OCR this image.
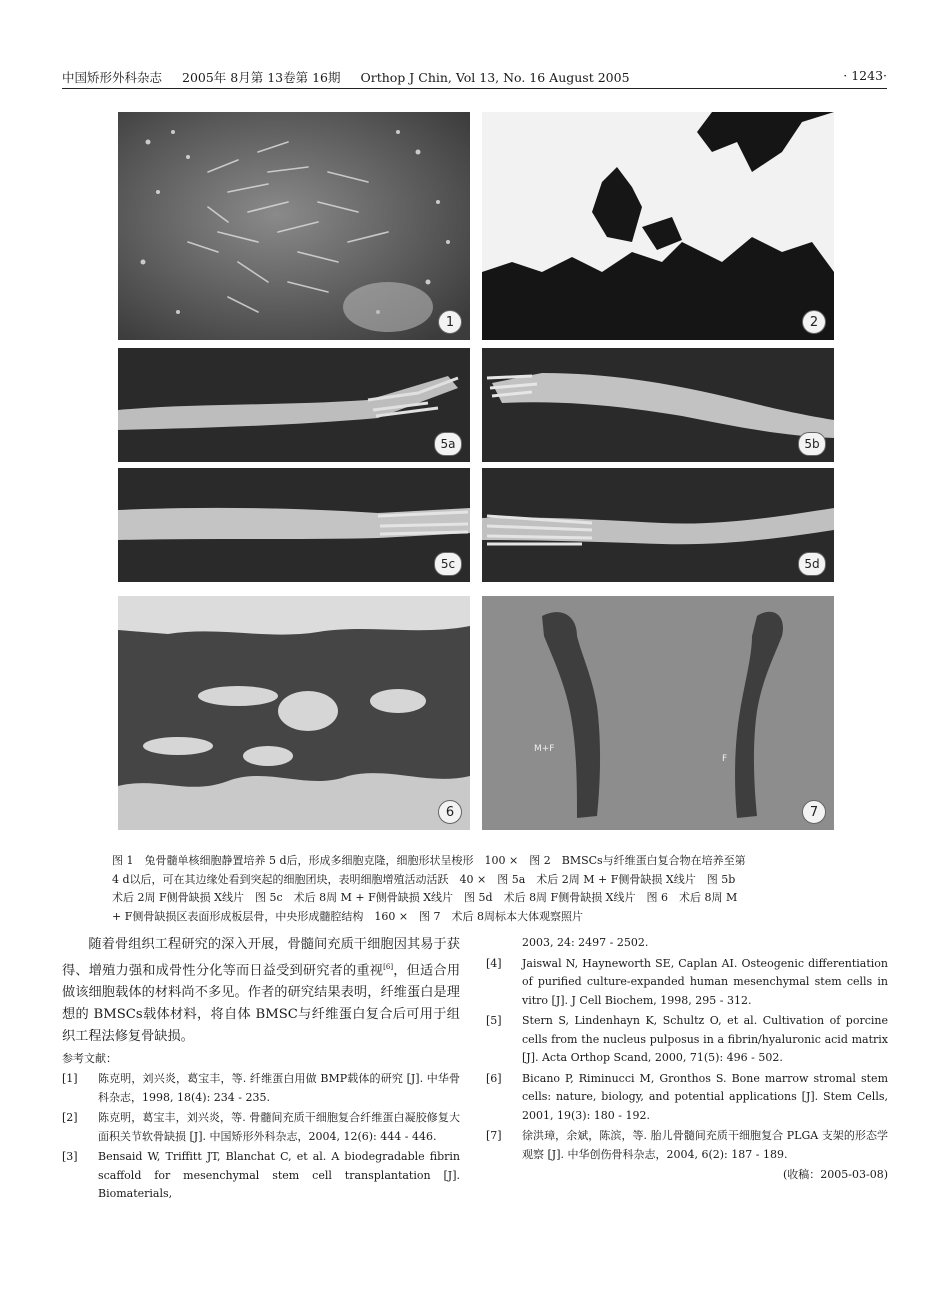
中国矫形外科杂志 2005年 8月第 13卷第 16期 Orthop J Chin, Vol 13, No. 16 August 2005	· 1243·
1	2
5a	5b
5c	5d
6
M+F
F
7

图 1　兔骨髓单核细胞静置培养 5 d后，形成多细胞克隆，细胞形状呈梭形　100 ×　图 2　BMSCs与纤维蛋白复合物在培养至第

4 d以后，可在其边缘处看到突起的细胞团块，表明细胞增殖活动活跃　40 ×　图 5a　术后 2周 M + F侧骨缺损 X线片　图 5b

术后 2周 F侧骨缺损 X线片　图 5c　术后 8周 M + F侧骨缺损 X线片　图 5d　术后 8周 F侧骨缺损 X线片　图 6　术后 8周 M

+ F侧骨缺损区表面形成板层骨，中央形成髓腔结构　160 ×　图 7　术后 8周标本大体观察照片

随着骨组织工程研究的深入开展，骨髓间充质干细胞因其易于获得、增殖力强和成骨性分化等而日益受到研究者的重视[6]，但适合用做该细胞载体的材料尚不多见。作者的研究结果表明，纤维蛋白是理想的 BMSCs载体材料，将自体 BMSC与纤维蛋白复合后可用于组织工程法修复骨缺损。

参考文献：
[1]	陈克明，刘兴炎，葛宝丰，等. 纤维蛋白用做 BMP载体的研究 [J]. 中华骨科杂志，1998, 18(4): 234 - 235.
[2]	陈克明，葛宝丰，刘兴炎，等. 骨髓间充质干细胞复合纤维蛋白凝胶修复大面积关节软骨缺损 [J]. 中国矫形外科杂志，2004, 12(6): 444 - 446.
[3]	Bensaid W, Triffitt JT, Blanchat C, et al. A biodegradable fibrin scaffold for mesenchymal stem cell transplantation [J]. Biomaterials,
2003, 24: 2497 - 2502.
[4]	Jaiswal N, Hayneworth SE, Caplan AI. Osteogenic differentiation of purified culture-expanded human mesenchymal stem cells in vitro [J]. J Cell Biochem, 1998, 295 - 312.
[5]	Stern S, Lindenhayn K, Schultz O, et al. Cultivation of porcine cells from the nucleus pulposus in a fibrin/hyaluronic acid matrix [J]. Acta Orthop Scand, 2000, 71(5): 496 - 502.
[6]	Bicano P, Riminucci M, Gronthos S. Bone marrow stromal stem cells: nature, biology, and potential applications [J]. Stem Cells, 2001, 19(3): 180 - 192.
[7]	徐洪璋，余斌，陈滨，等. 胎儿骨髓间充质干细胞复合 PLGA 支架的形态学观察 [J]. 中华创伤骨科杂志，2004, 6(2): 187 - 189.
(收稿：2005-03-08)
